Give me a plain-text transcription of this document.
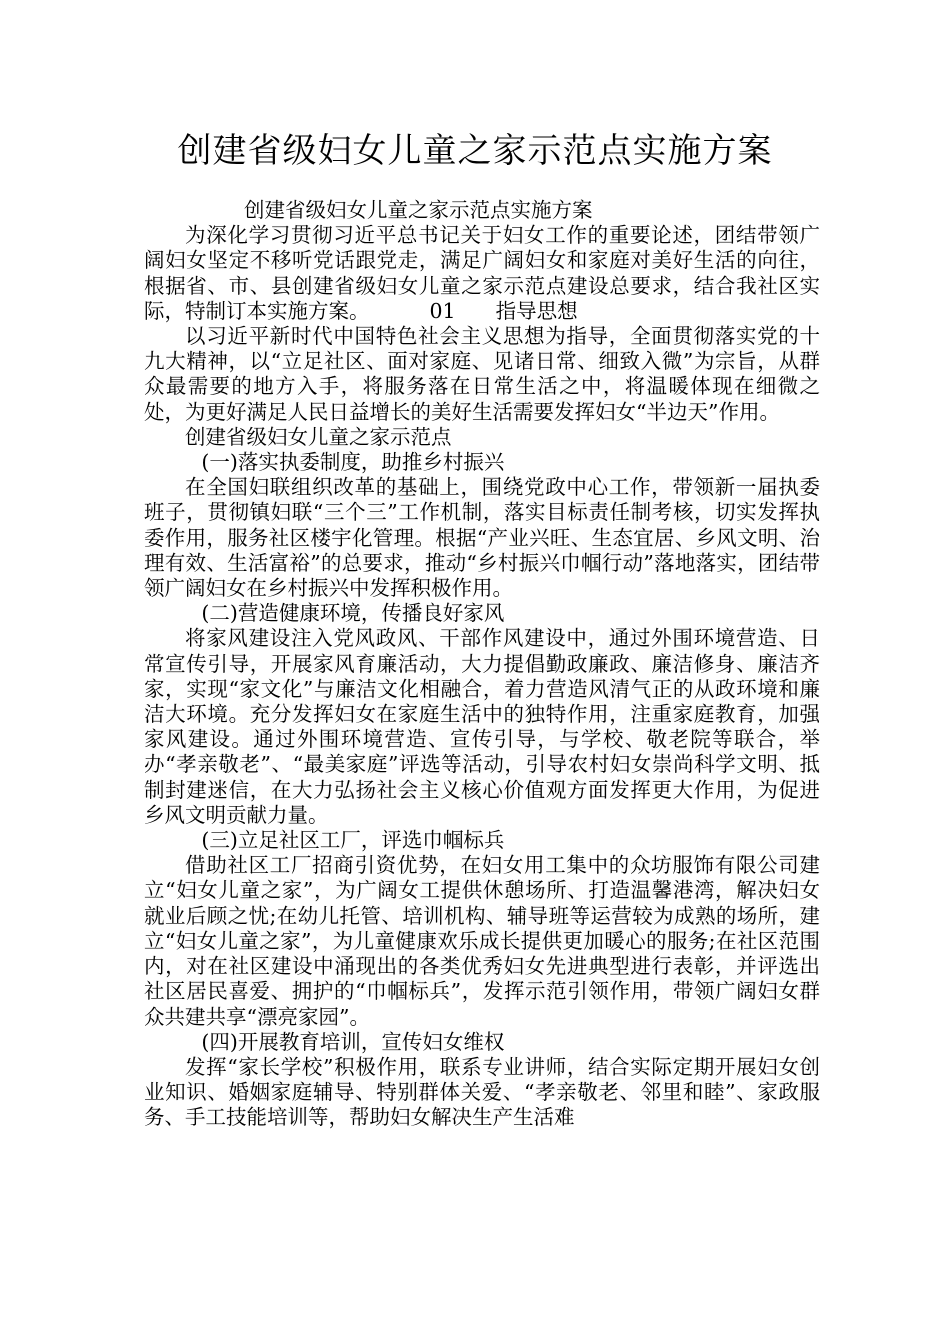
创建省级妇女儿童之家示范点实施方案

创建省级妇女儿童之家示范点实施方案

为深化学习贯彻习近平总书记关于妇女工作的重要论述，团结带领广阔妇女坚定不移听党话跟党走，满足广阔妇女和家庭对美好生活的向往，根据省、市、县创建省级妇女儿童之家示范点建设总要求，结合我社区实际，特制订本实施方案。	01 指导思想

以习近平新时代中国特色社会主义思想为指导，全面贯彻落实党的十九大精神，以“立足社区、面对家庭、见诸日常、细致入微”为宗旨，从群众最需要的地方入手，将服务落在日常生活之中，将温暖体现在细微之处，为更好满足人民日益增长的美好生活需要发挥妇女“半边天”作用。

创建省级妇女儿童之家示范点

(一)落实执委制度，助推乡村振兴

在全国妇联组织改革的基础上，围绕党政中心工作，带领新一届执委班子，贯彻镇妇联“三个三”工作机制，落实目标责任制考核，切实发挥执委作用，服务社区楼宇化管理。根据“产业兴旺、生态宜居、乡风文明、治理有效、生活富裕”的总要求，推动“乡村振兴巾帼行动”落地落实，团结带领广阔妇女在乡村振兴中发挥积极作用。

(二)营造健康环境，传播良好家风

将家风建设注入党风政风、干部作风建设中，通过外围环境营造、日常宣传引导，开展家风育廉活动，大力提倡勤政廉政、廉洁修身、廉洁齐家，实现“家文化”与廉洁文化相融合，着力营造风清气正的从政环境和廉洁大环境。充分发挥妇女在家庭生活中的独特作用，注重家庭教育，加强家风建设。通过外围环境营造、宣传引导，与学校、敬老院等联合，举办“孝亲敬老”、“最美家庭”评选等活动，引导农村妇女崇尚科学文明、抵制封建迷信，在大力弘扬社会主义核心价值观方面发挥更大作用，为促进乡风文明贡献力量。

(三)立足社区工厂，评选巾帼标兵

借助社区工厂招商引资优势，在妇女用工集中的众坊服饰有限公司建立“妇女儿童之家”，为广阔女工提供休憩场所、打造温馨港湾，解决妇女就业后顾之忧;在幼儿托管、培训机构、辅导班等运营较为成熟的场所，建立“妇女儿童之家”，为儿童健康欢乐成长提供更加暖心的服务;在社区范围内，对在社区建设中涌现出的各类优秀妇女先进典型进行表彰，并评选出社区居民喜爱、拥护的“巾帼标兵”，发挥示范引领作用，带领广阔妇女群众共建共享“漂亮家园”。

(四)开展教育培训，宣传妇女维权

发挥“家长学校”积极作用，联系专业讲师，结合实际定期开展妇女创业知识、婚姻家庭辅导、特别群体关爱、“孝亲敬老、邻里和睦”、家政服务、手工技能培训等，帮助妇女解决生产生活难
